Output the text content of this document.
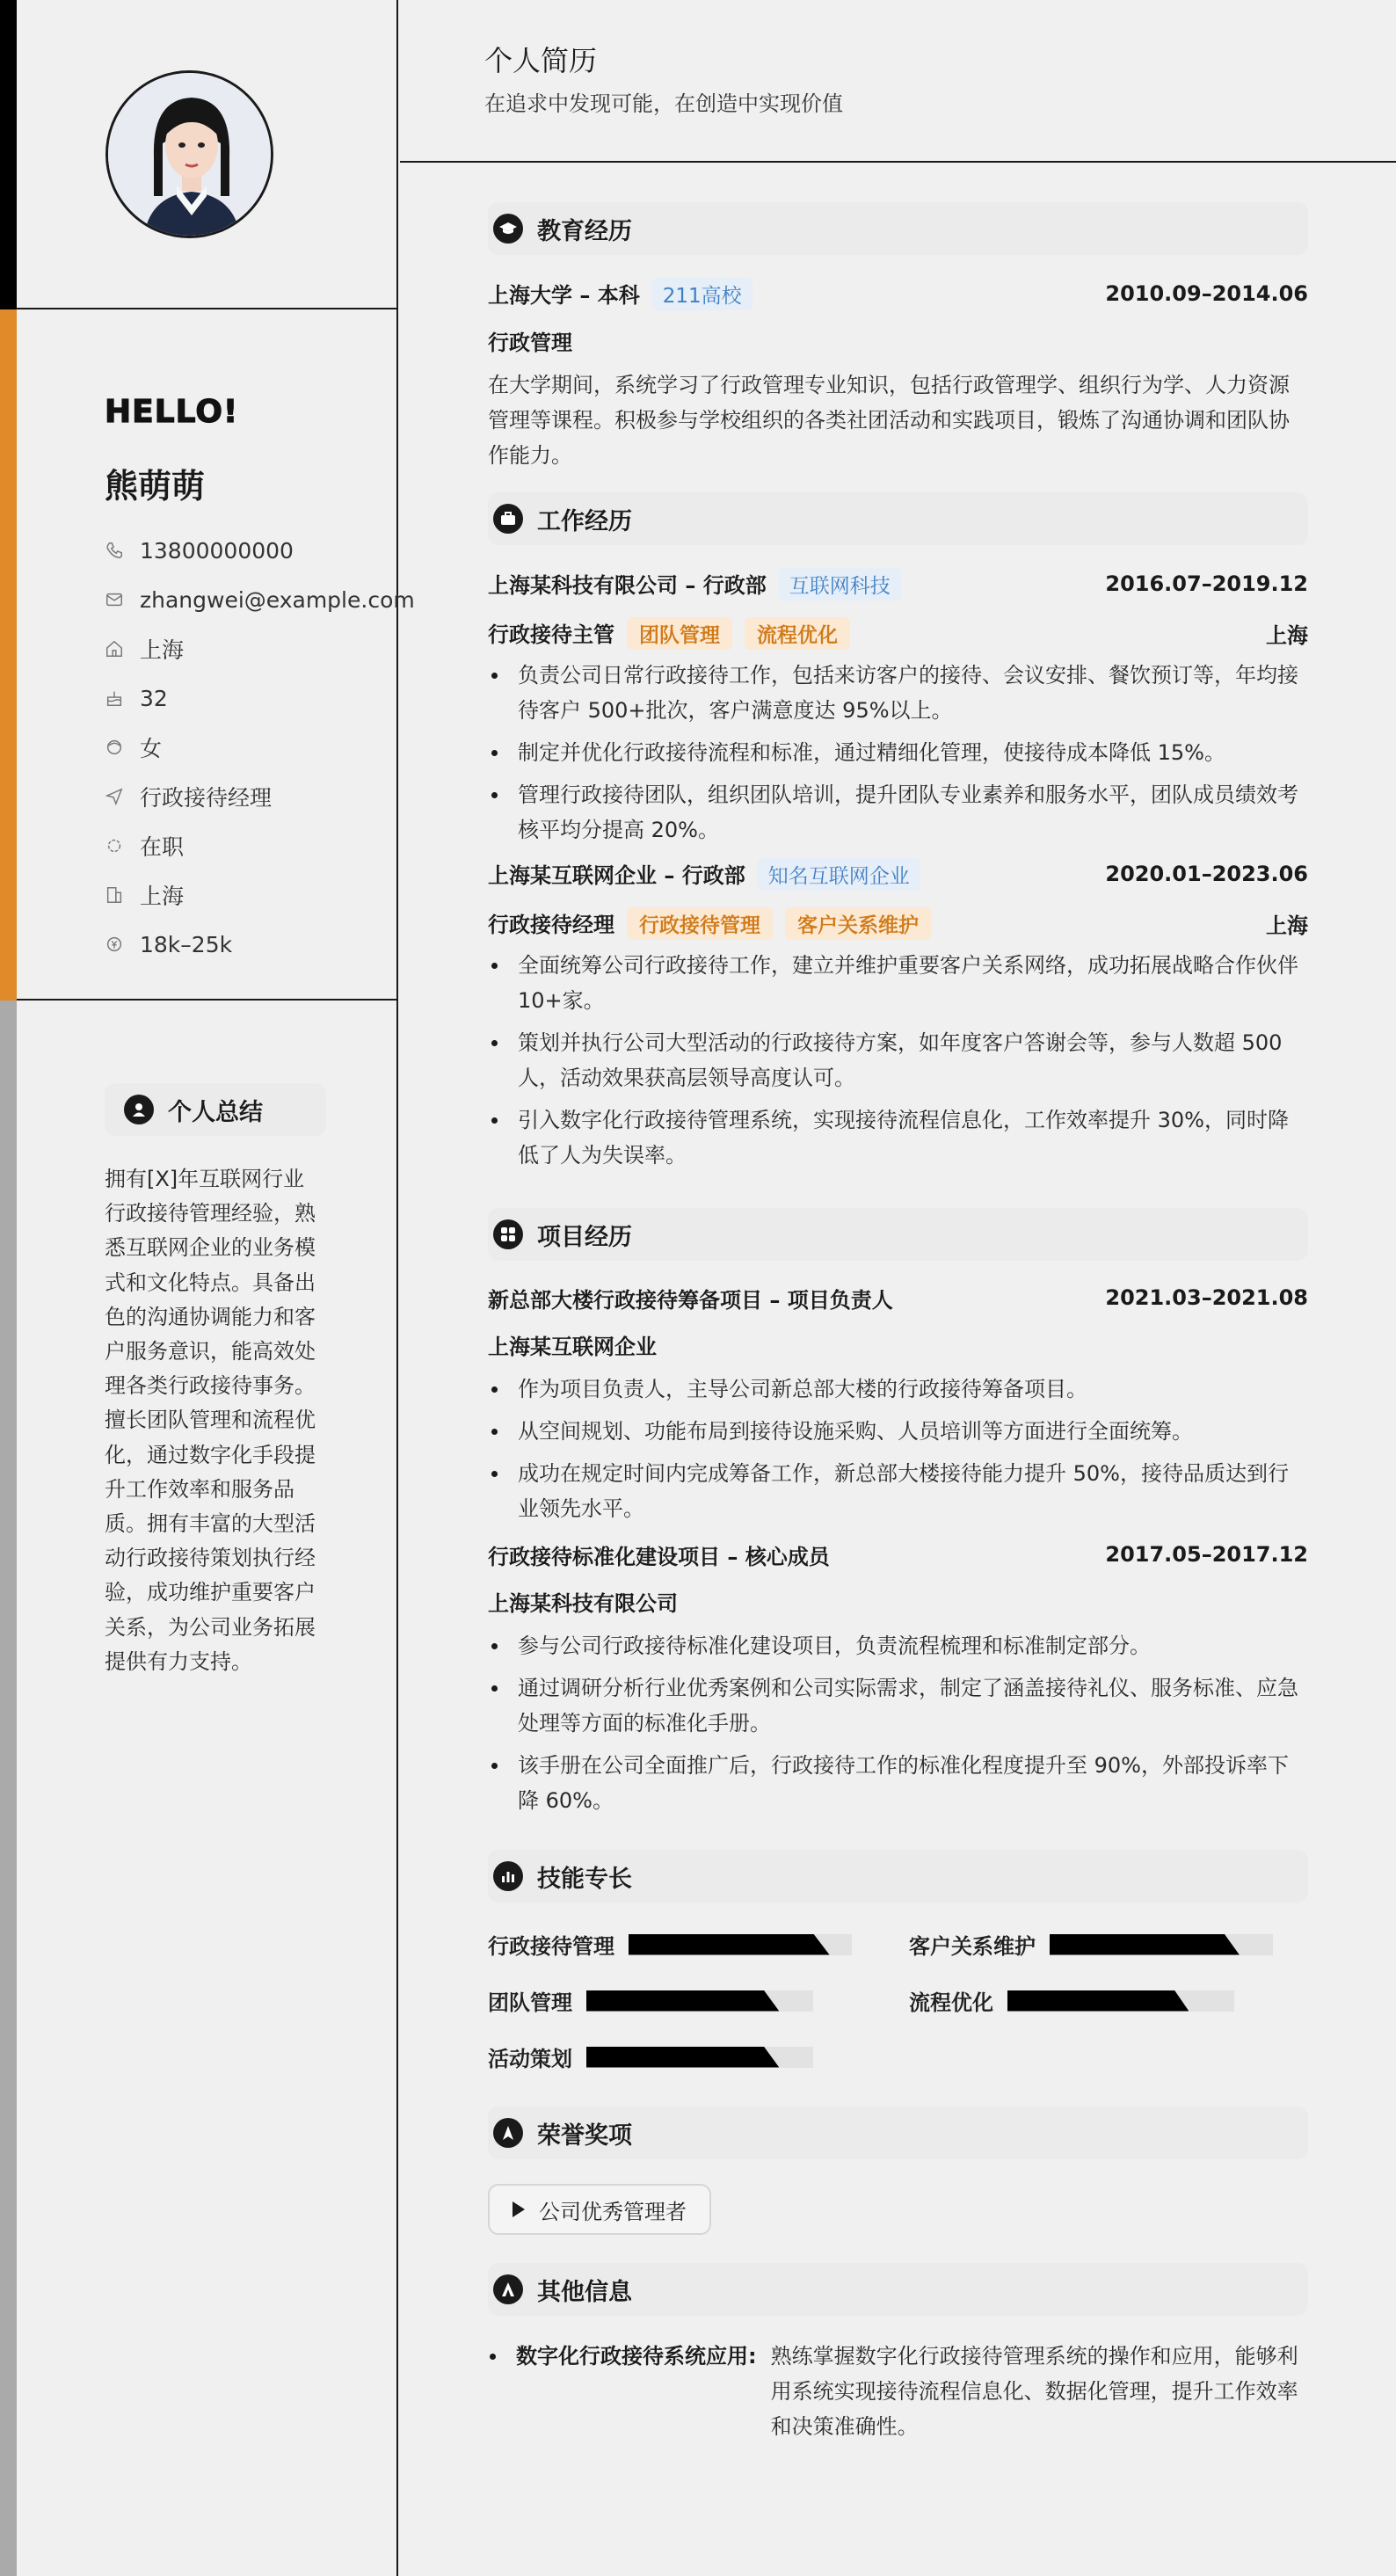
HELLO!
熊萌萌
13800000000
zhangwei@example.com
上海
32
女
行政接待经理
在职
上海
18k–25k
个人总结
拥有[X]年互联网行业行政接待管理经验，熟悉互联网企业的业务模式和文化特点。具备出色的沟通协调能力和客户服务意识，能高效处理各类行政接待事务。擅长团队管理和流程优化，通过数字化手段提升工作效率和服务品质。拥有丰富的大型活动行政接待策划执行经验，成功维护重要客户关系，为公司业务拓展提供有力支持。
个人简历
在追求中发现可能，在创造中实现价值
教育经历
上海大学 – 本科 211高校	2010.09–2014.06
行政管理
在大学期间，系统学习了行政管理专业知识，包括行政管理学、组织行为学、人力资源管理等课程。积极参与学校组织的各类社团活动和实践项目，锻炼了沟通协调和团队协作能力。
工作经历
上海某科技有限公司 – 行政部 互联网科技	2016.07–2019.12
行政接待主管 团队管理 流程优化	上海
负责公司日常行政接待工作，包括来访客户的接待、会议安排、餐饮预订等，年均接待客户 500+批次，客户满意度达 95%以上。
制定并优化行政接待流程和标准，通过精细化管理，使接待成本降低 15%。
管理行政接待团队，组织团队培训，提升团队专业素养和服务水平，团队成员绩效考核平均分提高 20%。
上海某互联网企业 – 行政部 知名互联网企业	2020.01–2023.06
行政接待经理 行政接待管理 客户关系维护	上海
全面统筹公司行政接待工作，建立并维护重要客户关系网络，成功拓展战略合作伙伴 10+家。
策划并执行公司大型活动的行政接待方案，如年度客户答谢会等，参与人数超 500 人，活动效果获高层领导高度认可。
引入数字化行政接待管理系统，实现接待流程信息化，工作效率提升 30%，同时降低了人为失误率。
项目经历
新总部大楼行政接待筹备项目 – 项目负责人	2021.03–2021.08
上海某互联网企业
作为项目负责人，主导公司新总部大楼的行政接待筹备项目。
从空间规划、功能布局到接待设施采购、人员培训等方面进行全面统筹。
成功在规定时间内完成筹备工作，新总部大楼接待能力提升 50%，接待品质达到行业领先水平。
行政接待标准化建设项目 – 核心成员	2017.05–2017.12
上海某科技有限公司
参与公司行政接待标准化建设项目，负责流程梳理和标准制定部分。
通过调研分析行业优秀案例和公司实际需求，制定了涵盖接待礼仪、服务标准、应急处理等方面的标准化手册。
该手册在公司全面推广后，行政接待工作的标准化程度提升至 90%，外部投诉率下降 60%。
技能专长
行政接待管理	客户关系维护
团队管理	流程优化
活动策划
荣誉奖项
公司优秀管理者
其他信息
数字化行政接待系统应用: 熟练掌握数字化行政接待管理系统的操作和应用，能够利用系统实现接待流程信息化、数据化管理，提升工作效率和决策准确性。
